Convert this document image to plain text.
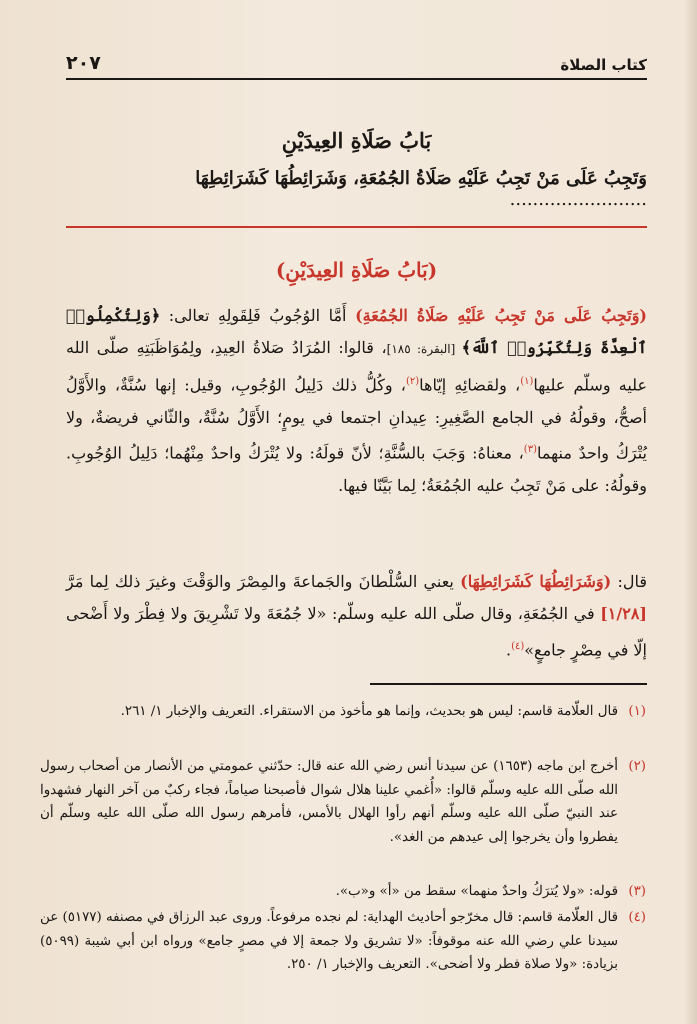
كتاب الصلاة
٢٠٧
بَابُ صَلَاةِ العِيدَيْنِ
وَتَجِبُ عَلَى مَنْ تَجِبُ عَلَيْهِ صَلَاةُ الجُمُعَةِ، وَشَرَائِطُهَا كَشَرَائِطِهَا ........................
(بَابُ صَلَاةِ العِيدَيْنِ)
(وَتَجِبُ عَلَى مَنْ تَجِبُ عَلَيْهِ صَلَاةُ الجُمُعَةِ) أَمَّا الوُجُوبُ فَلِقَولِهِ تعالى: ﴿وَلِتُكْمِلُوا۟ ٱلْعِدَّةَ وَلِتُكَبِّرُوا۟ ٱللَّهَ﴾ [البقرة: ١٨٥]، قالوا: المُرَادُ صَلاةُ العِيدِ، ولِمُوَاظَبَتِهِ صلّى الله عليه وسلّم عليها$^{(١)}$، ولقضائِهِ إيّاها$^{(٢)}$، وكُلُّ ذلك دَلِيلُ الوُجُوبِ، وقيل: إنها سُنَّةٌ، والأَوَّلُ أصحُّ، وقولُهُ في الجامع الصَّغِيرِ: عِيدانِ اجتمعا في يومٍ؛ الأَوَّلُ سُنَّةٌ، والثّاني فريضةٌ، ولا يُتْرَكُ واحدٌ منهما$^{(٣)}$، معناهُ: وَجَبَ بالسُّنَّةِ؛ لأنّ قولَهُ: ولا يُتْرَكُ واحدٌ مِنْهُما؛ دَلِيلُ الوُجُوبِ. وقولُهُ: على مَنْ تَجِبُ عليه الجُمُعَةُ؛ لِما بَيَّنّا فيها.
قال: (وَشَرَائِطُهَا كَشَرَائِطِهَا) يعني السُّلْطانَ والجَماعةَ والمِصْرَ والوَقْتَ وغيرَ ذلك لِما مَرَّ [١/٢٨] في الجُمُعَةِ، وقال صلّى الله عليه وسلّم: «لا جُمُعَةَ ولا تَشْرِيقَ ولا فِطْرَ ولا أَضْحى إلّا في مِصْرٍ جامعٍ»$^{(٤)}$.
(١)
قال العلّامة قاسم: ليس هو بحديث، وإنما هو مأخوذ من الاستقراء. التعريف والإخبار ١/ ٢٦١.
(٢)
أخرج ابن ماجه (١٦٥٣) عن سيدنا أنس رضي الله عنه قال: حدّثني عمومتي من الأنصار من أصحاب رسول الله صلّى الله عليه وسلّم قالوا: «أُغمي علينا هلال شوال فأصبحنا صياماً، فجاء ركبٌ من آخر النهار فشهدوا عند النبيّ صلّى الله عليه وسلّم أنهم رأوا الهلال بالأمس، فأمرهم رسول الله صلّى الله عليه وسلّم أن يفطروا وأن يخرجوا إلى عيدهم من الغد».
(٣)
قوله: «ولا يُترَكُ واحدٌ منهما» سقط من «أ» و«ب».
(٤)
قال العلّامة قاسم: قال مخرّجو أحاديث الهداية: لم نجده مرفوعاً. وروى عبد الرزاق في مصنفه (٥١٧٧) عن سيدنا علي رضي الله عنه موقوفاً: «لا تشريق ولا جمعة إلا في مصرٍ جامع» ورواه ابن أبي شيبة (٥٠٩٩) بزيادة: «ولا صلاة فطر ولا أضحى». التعريف والإخبار ١/ ٢٥٠.
